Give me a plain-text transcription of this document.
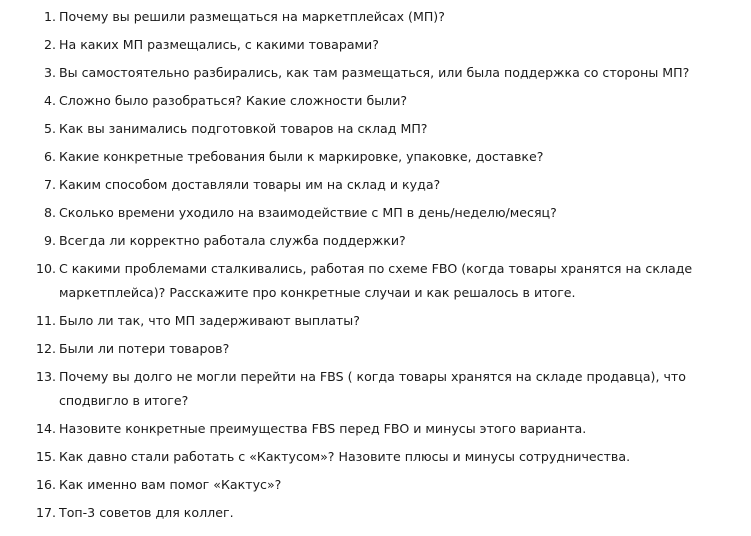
1. Почему вы решили размещаться на маркетплейсах (МП)?
2. На каких МП размещались, с какими товарами?
3. Вы самостоятельно разбирались, как там размещаться, или была поддержка со стороны МП?
4. Сложно было разобраться? Какие сложности были?
5. Как вы занимались подготовкой товаров на склад МП?
6. Какие конкретные требования были к маркировке, упаковке, доставке?
7. Каким способом доставляли товары им на склад и куда?
8. Сколько времени уходило на взаимодействие с МП в день/неделю/месяц?
9. Всегда ли корректно работала служба поддержки?
10. С какими проблемами сталкивались, работая по схеме FBO (когда товары хранятся на складе маркетплейса)? Расскажите про конкретные случаи и как решалось в итоге.
11. Было ли так, что МП задерживают выплаты?
12. Были ли потери товаров?
13. Почему вы долго не могли перейти на FBS ( когда товары хранятся на складе продавца), что сподвигло в итоге?
14. Назовите конкретные преимущества FBS перед FBO и минусы этого варианта.
15. Как давно стали работать с «Кактусом»? Назовите плюсы и минусы сотрудничества.
16. Как именно вам помог «Кактус»?
17. Топ-3 советов для коллег.
